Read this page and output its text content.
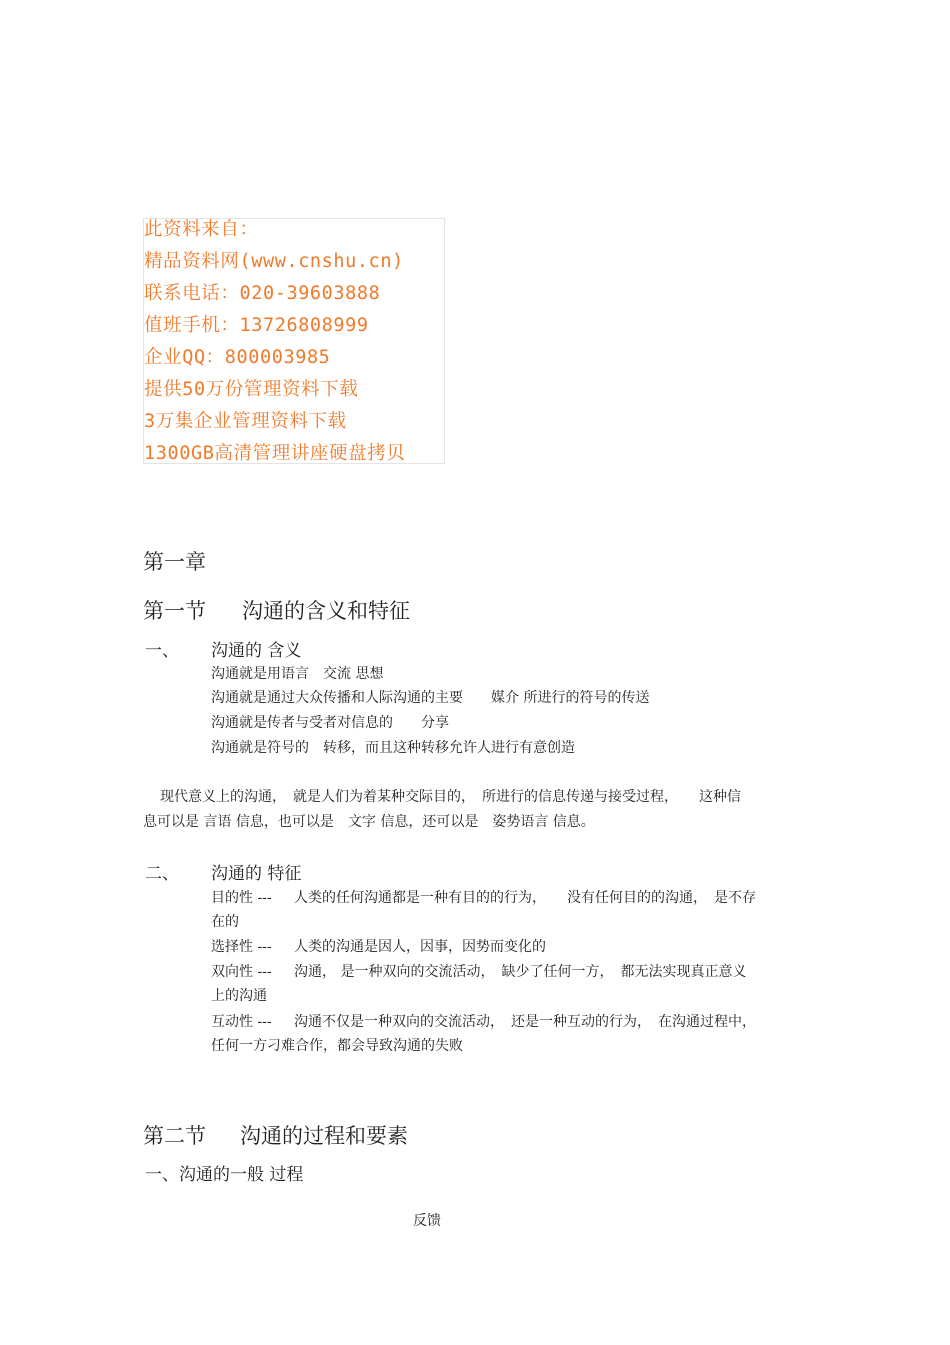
此资料来自：
精品资料网(www.cnshu.cn)
联系电话：020-39603888
值班手机：13726808999
企业QQ：800003985
提供50万份管理资料下载
3万集企业管理资料下载
1300GB高清管理讲座硬盘拷贝
第一章
第一节 沟通的含义和特征
一、 沟通的 含义
沟通就是用语言　交流 思想
沟通就是通过大众传播和人际沟通的主要　　媒介 所进行的符号的传送
沟通就是传者与受者对信息的　　分享
沟通就是符号的　转移，而且这种转移允许人进行有意创造
现代意义上的沟通，　就是人们为着某种交际目的，　所进行的信息传递与接受过程，　　这种信
息可以是 言语 信息，也可以是　文字 信息，还可以是　姿势语言 信息。
二、 沟通的 特征
目的性 --- 人类的任何沟通都是一种有目的的行为，　　没有任何目的的沟通，　是不存
在的
选择性 --- 人类的沟通是因人，因事，因势而变化的
双向性 --- 沟通， 是一种双向的交流活动，　缺少了任何一方，　都无法实现真正意义
上的沟通
互动性 --- 沟通不仅是一种双向的交流活动，　还是一种互动的行为，　在沟通过程中，
任何一方刁难合作，都会导致沟通的失败
第二节 沟通的过程和要素
一、沟通的一般 过程
反馈
